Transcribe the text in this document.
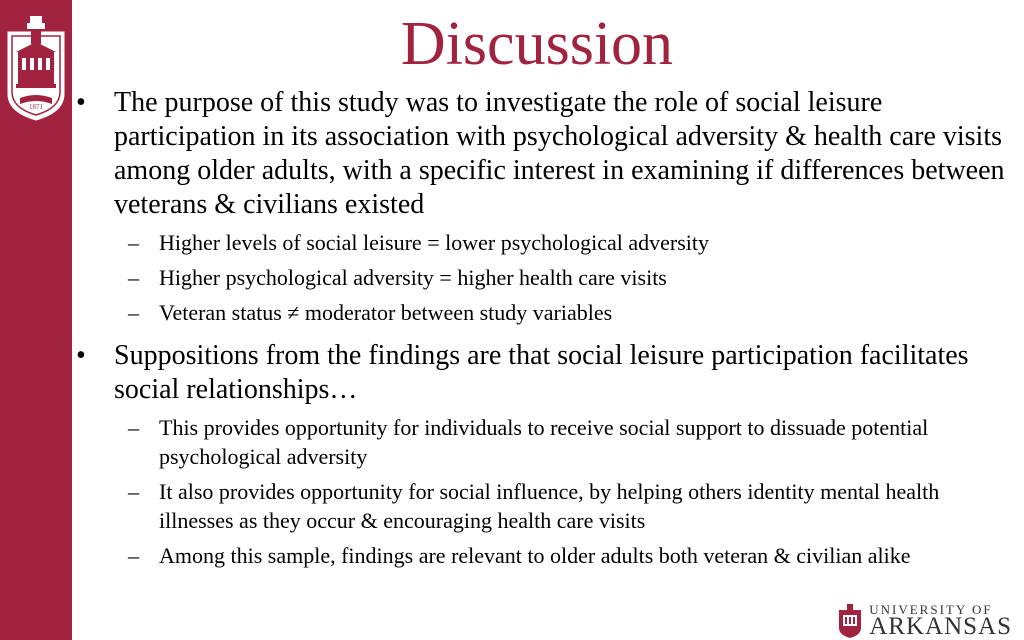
1871
Discussion
• The purpose of this study was to investigate the role of social leisure participation in its association with psychological adversity & health care visits among older adults, with a specific interest in examining if differences between veterans & civilians existed
– Higher levels of social leisure = lower psychological adversity
– Higher psychological adversity = higher health care visits
– Veteran status ≠ moderator between study variables
• Suppositions from the findings are that social leisure participation facilitates social relationships…
– This provides opportunity for individuals to receive social support to dissuade potential psychological adversity
– It also provides opportunity for social influence, by helping others identity mental health illnesses as they occur & encouraging health care visits
– Among this sample, findings are relevant to older adults both veteran & civilian alike
UNIVERSITY OF
ARKANSAS
